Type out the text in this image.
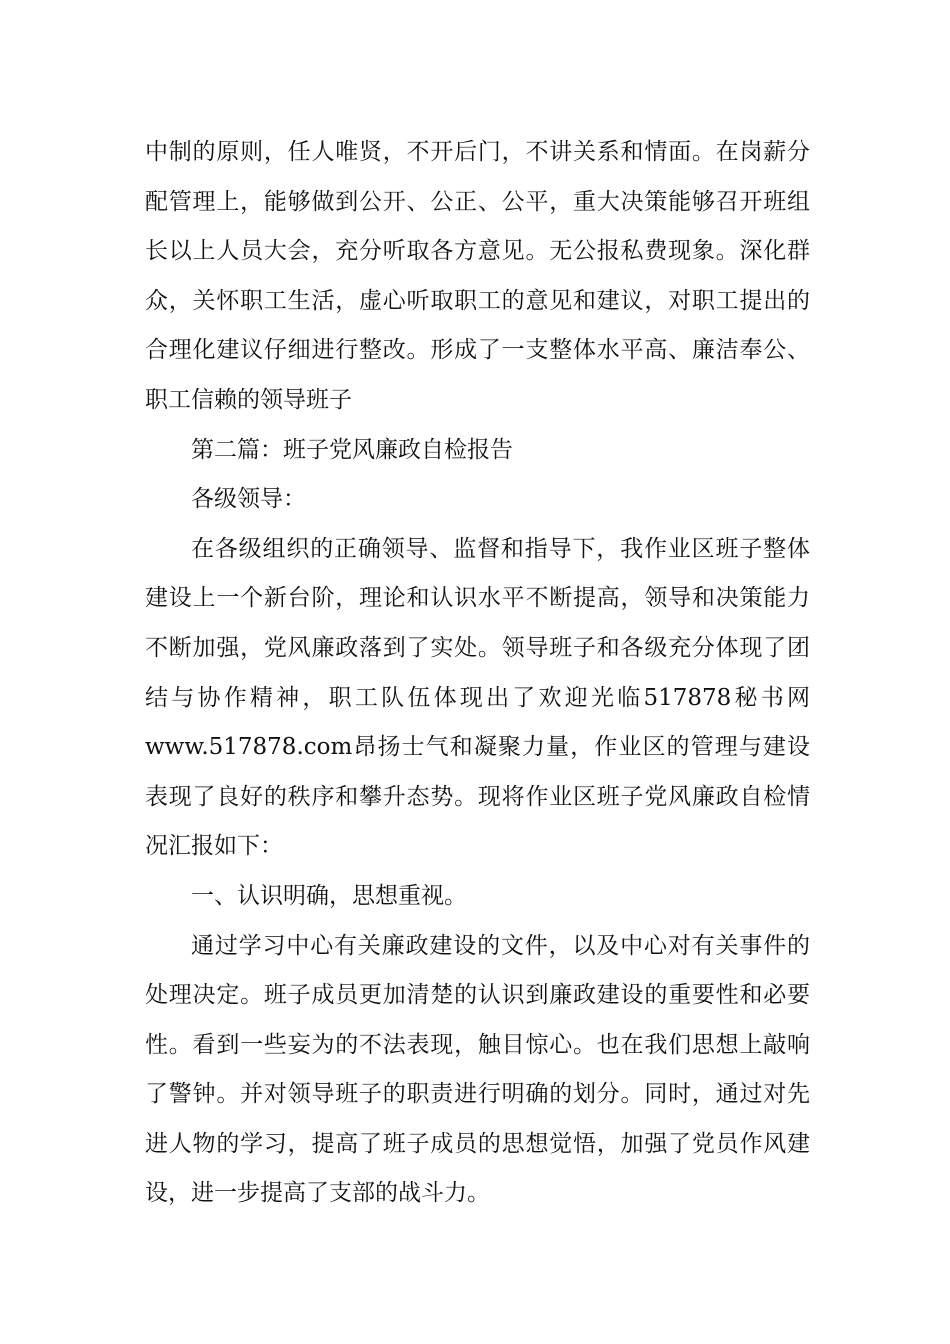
中制的原则，任人唯贤，不开后门，不讲关系和情面。在岗薪分配管理上，能够做到公开、公正、公平，重大决策能够召开班组长以上人员大会，充分听取各方意见。无公报私费现象。深化群众，关怀职工生活，虚心听取职工的意见和建议，对职工提出的合理化建议仔细进行整改。形成了一支整体水平高、廉洁奉公、职工信赖的领导班子

第二篇：班子党风廉政自检报告

各级领导：

在各级组织的正确领导、监督和指导下，我作业区班子整体建设上一个新台阶，理论和认识水平不断提高，领导和决策能力不断加强，党风廉政落到了实处。领导班子和各级充分体现了团结与协作精神，职工队伍体现出了欢迎光临517878秘书网www.517878.com昂扬士气和凝聚力量，作业区的管理与建设表现了良好的秩序和攀升态势。现将作业区班子党风廉政自检情况汇报如下：

一、认识明确，思想重视。

通过学习中心有关廉政建设的文件，以及中心对有关事件的处理决定。班子成员更加清楚的认识到廉政建设的重要性和必要性。看到一些妄为的不法表现，触目惊心。也在我们思想上敲响了警钟。并对领导班子的职责进行明确的划分。同时，通过对先进人物的学习，提高了班子成员的思想觉悟，加强了党员作风建设，进一步提高了支部的战斗力。
